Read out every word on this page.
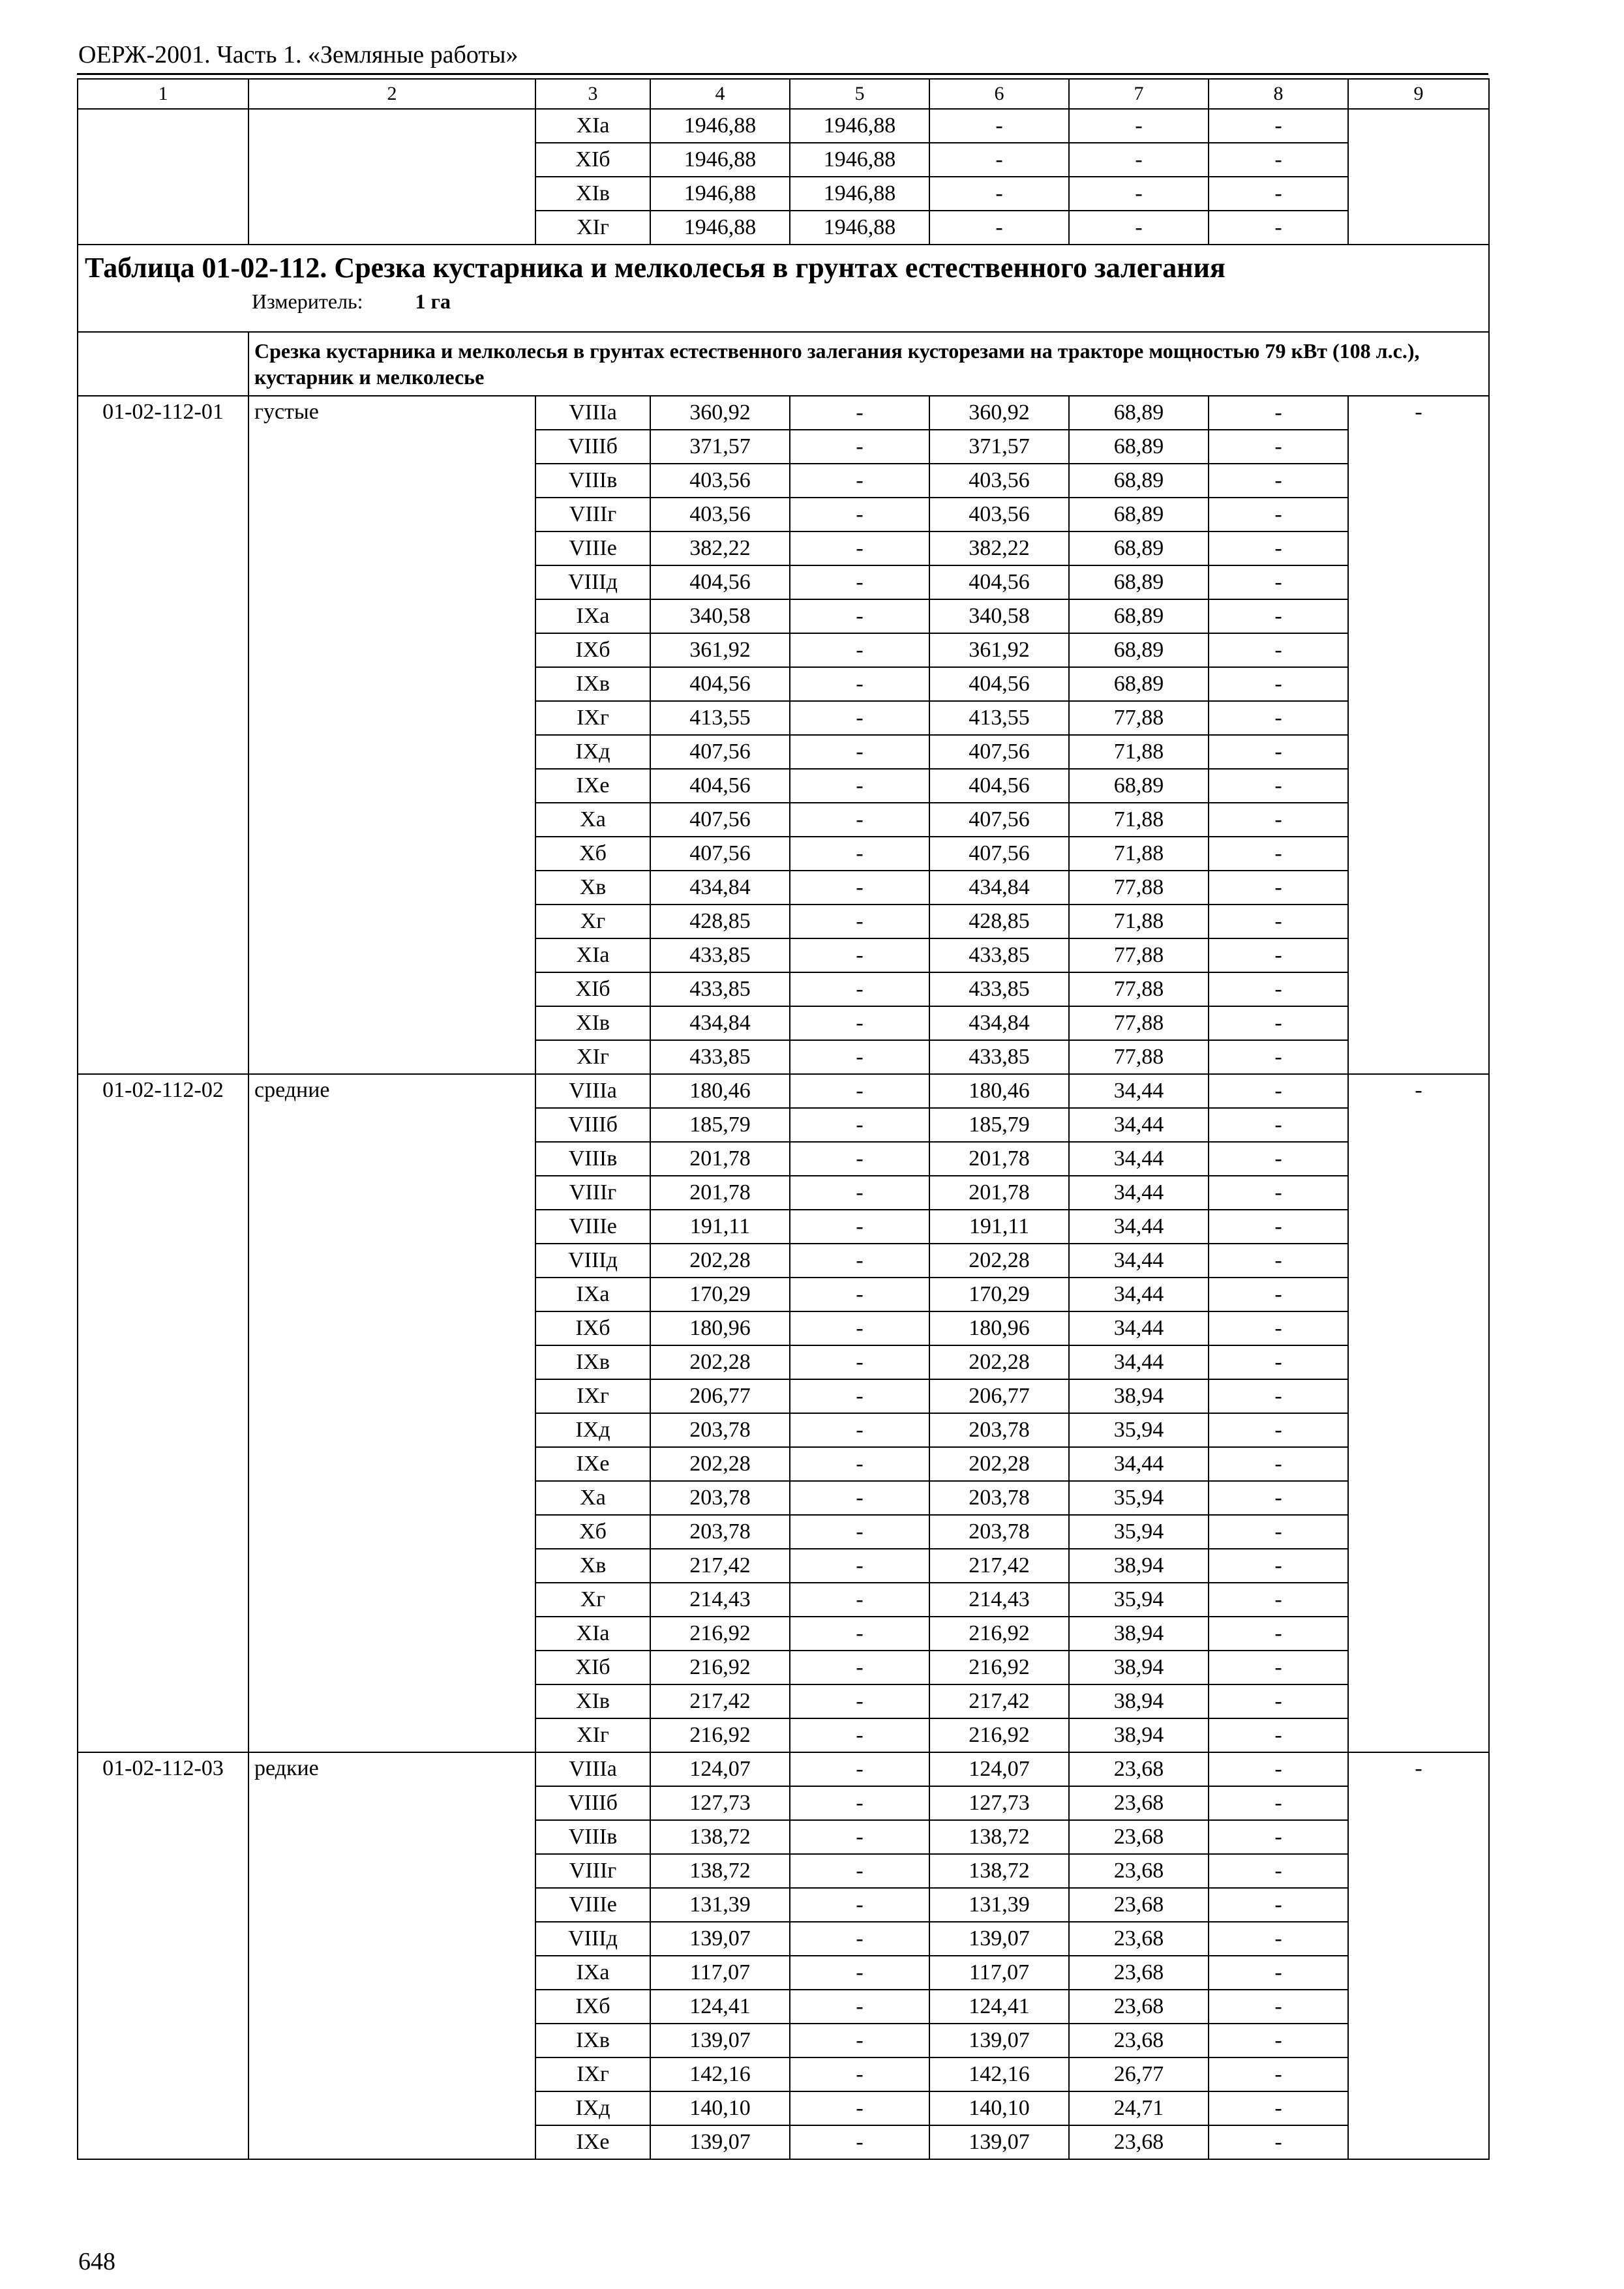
ОЕРЖ-2001. Часть 1. «Земляные работы»
1	2	3	4	5	6	7	8	9
		XIa	1946,88	1946,88	-	-	-	
		XIб	1946,88	1946,88	-	-	-	
		XIв	1946,88	1946,88	-	-	-	
		XIг	1946,88	1946,88	-	-	-	

Таблица 01-02-112. Срезка кустарника и мелколесья в грунтах естественного залегания
Измеритель: 1 га								

	Срезка кустарника и мелколесья в грунтах естественного залегания кусторезами на тракторе мощностью 79 кВт (108 л.с.), кустарник и мелколесье							
01-02-112-01	густые	VIIIa	360,92	-	360,92	68,89	-	-
		VIIIб	371,57	-	371,57	68,89	-	
		VIIIв	403,56	-	403,56	68,89	-	
		VIIIг	403,56	-	403,56	68,89	-	
		VIIIe	382,22	-	382,22	68,89	-	
		VIIIд	404,56	-	404,56	68,89	-	
		IXa	340,58	-	340,58	68,89	-	
		IXб	361,92	-	361,92	68,89	-	
		IXв	404,56	-	404,56	68,89	-	
		IXг	413,55	-	413,55	77,88	-	
		IXд	407,56	-	407,56	71,88	-	
		IXe	404,56	-	404,56	68,89	-	
		Xa	407,56	-	407,56	71,88	-	
		Xб	407,56	-	407,56	71,88	-	
		Xв	434,84	-	434,84	77,88	-	
		Xг	428,85	-	428,85	71,88	-	
		XIa	433,85	-	433,85	77,88	-	
		XIб	433,85	-	433,85	77,88	-	
		XIв	434,84	-	434,84	77,88	-	
		XIг	433,85	-	433,85	77,88	-	
01-02-112-02	средние	VIIIa	180,46	-	180,46	34,44	-	-
		VIIIб	185,79	-	185,79	34,44	-	
		VIIIв	201,78	-	201,78	34,44	-	
		VIIIг	201,78	-	201,78	34,44	-	
		VIIIe	191,11	-	191,11	34,44	-	
		VIIIд	202,28	-	202,28	34,44	-	
		IXa	170,29	-	170,29	34,44	-	
		IXб	180,96	-	180,96	34,44	-	
		IXв	202,28	-	202,28	34,44	-	
		IXг	206,77	-	206,77	38,94	-	
		IXд	203,78	-	203,78	35,94	-	
		IXe	202,28	-	202,28	34,44	-	
		Xa	203,78	-	203,78	35,94	-	
		Xб	203,78	-	203,78	35,94	-	
		Xв	217,42	-	217,42	38,94	-	
		Xг	214,43	-	214,43	35,94	-	
		XIa	216,92	-	216,92	38,94	-	
		XIб	216,92	-	216,92	38,94	-	
		XIв	217,42	-	217,42	38,94	-	
		XIг	216,92	-	216,92	38,94	-	
01-02-112-03	редкие	VIIIa	124,07	-	124,07	23,68	-	-
		VIIIб	127,73	-	127,73	23,68	-	
		VIIIв	138,72	-	138,72	23,68	-	
		VIIIг	138,72	-	138,72	23,68	-	
		VIIIe	131,39	-	131,39	23,68	-	
		VIIIд	139,07	-	139,07	23,68	-	
		IXa	117,07	-	117,07	23,68	-	
		IXб	124,41	-	124,41	23,68	-	
		IXв	139,07	-	139,07	23,68	-	
		IXг	142,16	-	142,16	26,77	-	
		IXд	140,10	-	140,10	24,71	-	
		IXe	139,07	-	139,07	23,68	-	
648
